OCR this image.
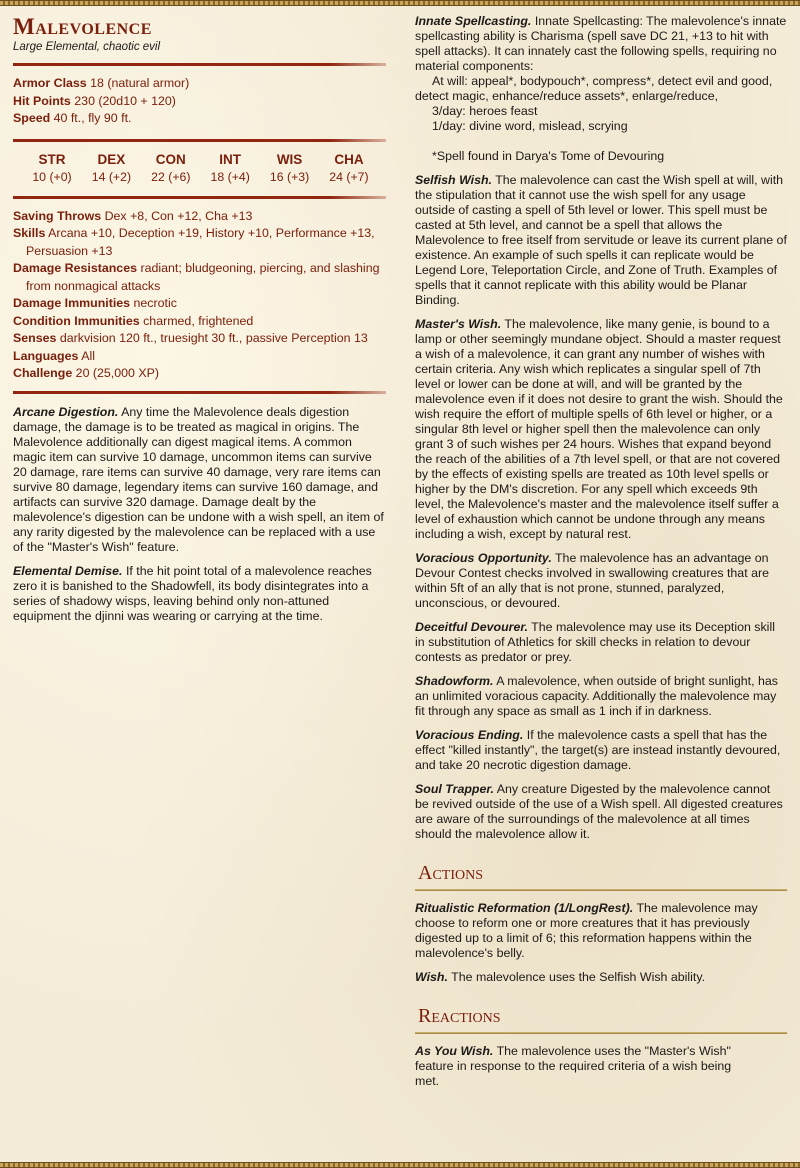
Malevolence
Large Elemental, chaotic evil
Armor Class 18 (natural armor)
Hit Points 230 (20d10 + 120)
Speed 40 ft., fly 90 ft.
STR
10 (+0)
DEX
14 (+2)
CON
22 (+6)
INT
18 (+4)
WIS
16 (+3)
CHA
24 (+7)
Saving Throws Dex +8, Con +12, Cha +13
Skills Arcana +10, Deception +19, History +10, Performance +13, Persuasion +13
Damage Resistances radiant; bludgeoning, piercing, and slashing from nonmagical attacks
Damage Immunities necrotic
Condition Immunities charmed, frightened
Senses darkvision 120 ft., truesight 30 ft., passive Perception 13
Languages All
Challenge 20 (25,000 XP)

Arcane Digestion. Any time the Malevolence deals digestion damage, the damage is to be treated as magical in origins. The Malevolence additionally can digest magical items. A common magic item can survive 10 damage, uncommon items can survive 20 damage, rare items can survive 40 damage, very rare items can survive 80 damage, legendary items can survive 160 damage, and artifacts can survive 320 damage. Damage dealt by the malevolence's digestion can be undone with a wish spell, an item of any rarity digested by the malevolence can be replaced with a use of the "Master's Wish" feature.

Elemental Demise. If the hit point total of a malevolence reaches zero it is banished to the Shadowfell, its body disintegrates into a series of shadowy wisps, leaving behind only non-attuned equipment the djinni was wearing or carrying at the time.

Innate Spellcasting. Innate Spellcasting: The malevolence's innate spellcasting ability is Charisma (spell save DC 21, +13 to hit with spell attacks). It can innately cast the following spells, requiring no material components:

At will: appeal*, bodypouch*, compress*, detect evil and good, detect magic, enhance/reduce assets*, enlarge/reduce,
3/day: heroes feast
1/day: divine word, mislead, scrying
*Spell found in Darya's Tome of Devouring

Selfish Wish. The malevolence can cast the Wish spell at will, with the stipulation that it cannot use the wish spell for any usage outside of casting a spell of 5th level or lower. This spell must be casted at 5th level, and cannot be a spell that allows the Malevolence to free itself from servitude or leave its current plane of existence. An example of such spells it can replicate would be Legend Lore, Teleportation Circle, and Zone of Truth. Examples of spells that it cannot replicate with this ability would be Planar Binding.

Master's Wish. The malevolence, like many genie, is bound to a lamp or other seemingly mundane object. Should a master request a wish of a malevolence, it can grant any number of wishes with certain criteria. Any wish which replicates a singular spell of 7th level or lower can be done at will, and will be granted by the malevolence even if it does not desire to grant the wish. Should the wish require the effort of multiple spells of 6th level or higher, or a singular 8th level or higher spell then the malevolence can only grant 3 of such wishes per 24 hours. Wishes that expand beyond the reach of the abilities of a 7th level spell, or that are not covered by the effects of existing spells are treated as 10th level spells or higher by the DM's discretion. For any spell which exceeds 9th level, the Malevolence's master and the malevolence itself suffer a level of exhaustion which cannot be undone through any means including a wish, except by natural rest.

Voracious Opportunity. The malevolence has an advantage on Devour Contest checks involved in swallowing creatures that are within 5ft of an ally that is not prone, stunned, paralyzed, unconscious, or devoured.

Deceitful Devourer. The malevolence may use its Deception skill in substitution of Athletics for skill checks in relation to devour contests as predator or prey.

Shadowform. A malevolence, when outside of bright sunlight, has an unlimited voracious capacity. Additionally the malevolence may fit through any space as small as 1 inch if in darkness.

Voracious Ending. If the malevolence casts a spell that has the effect "killed instantly", the target(s) are instead instantly devoured, and take 20 necrotic digestion damage.

Soul Trapper. Any creature Digested by the malevolence cannot be revived outside of the use of a Wish spell. All digested creatures are aware of the surroundings of the malevolence at all times should the malevolence allow it.

Actions

Ritualistic Reformation (1/LongRest). The malevolence may choose to reform one or more creatures that it has previously digested up to a limit of 6; this reformation happens within the malevolence's belly.

Wish. The malevolence uses the Selfish Wish ability.

Reactions

As You Wish. The malevolence uses the "Master's Wish" feature in response to the required criteria of a wish being met.
